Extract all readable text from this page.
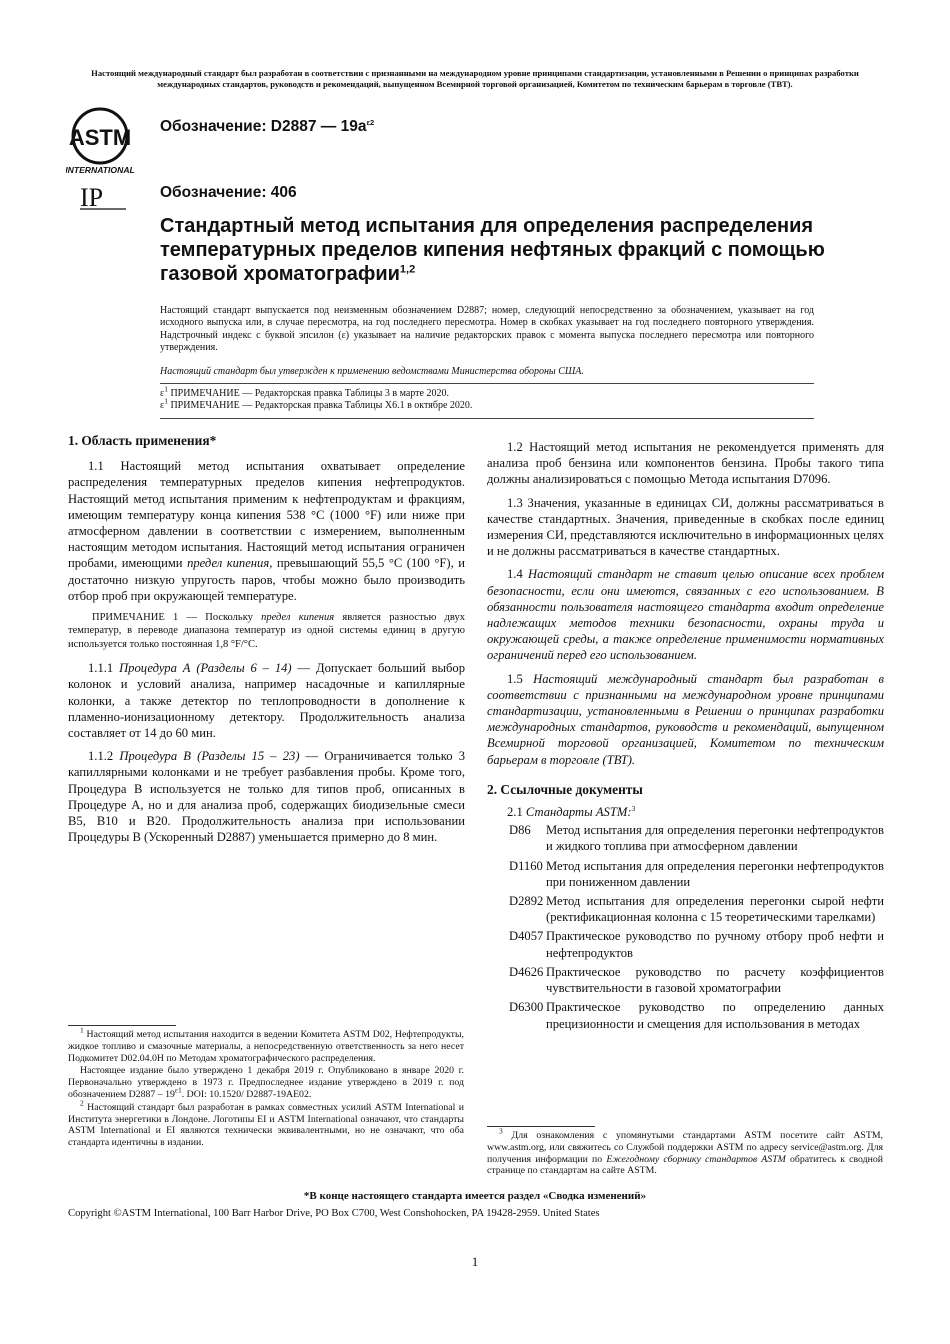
Настоящий международный стандарт был разработан в соответствии с признанными на международном уровне принципами стандартизации, установленными в Решении о принципах разработки международных стандартов, руководств и рекомендаций, выпущенном Всемирной торговой организацией, Комитетом по техническим барьерам в торговле (ТВТ).
ASTM
INTERNATIONAL
IP
Обозначение: D2887 — $19a^{\varepsilon 2}$
Обозначение: 406
Стандартный метод испытания для определения распределения температурных пределов кипения нефтяных фракций с помощью газовой хроматографии$^{1,2}$
Настоящий стандарт выпускается под неизменным обозначением D2887; номер, следующий непосредственно за обозначением, указывает на год исходного выпуска или, в случае пересмотра, на год последнего пересмотра. Номер в скобках указывает на год последнего повторного утверждения. Надстрочный индекс с буквой эпсилон (ε) указывает на наличие редакторских правок с момента выпуска последнего пересмотра или повторного утверждения.
Настоящий стандарт был утвержден к применению ведомствами Министерства обороны США.
$\varepsilon^1$ ПРИМЕЧАНИЕ — Редакторская правка Таблицы 3 в марте 2020.
$\varepsilon^1$ ПРИМЕЧАНИЕ — Редакторская правка Таблицы X6.1 в октябре 2020.
1. Область применения*

1.1 Настоящий метод испытания охватывает определение распределения температурных пределов кипения нефтепродуктов. Настоящий метод испытания применим к нефтепродуктам и фракциям, имеющим температуру конца кипения 538 °C (1000 °F) или ниже при атмосферном давлении в соответствии с измерением, выполненным настоящим методом испытания. Настоящий метод испытания ограничен пробами, имеющими предел кипения, превышающий 55,5 °C (100 °F), и достаточно низкую упругость паров, чтобы можно было производить отбор проб при окружающей температуре.

ПРИМЕЧАНИЕ 1 — Поскольку предел кипения является разностью двух температур, в переводе диапазона температур из одной системы единиц в другую используется только постоянная 1,8 °F/°C.

1.1.1 Процедура А (Разделы 6 – 14) — Допускает больший выбор колонок и условий анализа, например насадочные и капиллярные колонки, а также детектор по теплопроводности в дополнение к пламенно-ионизационному детектору. Продолжительность анализа составляет от 14 до 60 мин.

1.1.2 Процедура В (Разделы 15 – 23) — Ограничивается только 3 капиллярными колонками и не требует разбавления пробы. Кроме того, Процедура В используется не только для типов проб, описанных в Процедуре А, но и для анализа проб, содержащих биодизельные смеси В5, В10 и В20. Продолжительность анализа при использовании Процедуры В (Ускоренный D2887) уменьшается примерно до 8 мин.

$^1$ Настоящий метод испытания находится в ведении Комитета ASTM D02, Нефтепродукты, жидкое топливо и смазочные материалы, а непосредственную ответственность за него несет Подкомитет D02.04.0H по Методам хроматографического распределения.

Настоящее издание было утверждено 1 декабря 2019 г. Опубликовано в январе 2020 г. Первоначально утверждено в 1973 г. Предпоследнее издание утверждено в 2019 г. под обозначением $D2887 - 19^{\varepsilon 1}$. DOI: 10.1520/ D2887-19AE02.

$^2$ Настоящий стандарт был разработан в рамках совместных усилий ASTM International и Института энергетики в Лондоне. Логотипы EI и ASTM International означают, что стандарты ASTM International и EI являются технически эквивалентными, но не означают, что оба стандарта идентичны в издании.

1.2 Настоящий метод испытания не рекомендуется применять для анализа проб бензина или компонентов бензина. Пробы такого типа должны анализироваться с помощью Метода испытания D7096.

1.3 Значения, указанные в единицах СИ, должны рассматриваться в качестве стандартных. Значения, приведенные в скобках после единиц измерения СИ, представляются исключительно в информационных целях и не должны рассматриваться в качестве стандартных.

1.4 Настоящий стандарт не ставит целью описание всех проблем безопасности, если они имеются, связанных с его использованием. В обязанности пользователя настоящего стандарта входит определение надлежащих методов техники безопасности, охраны труда и окружающей среды, а также определение применимости нормативных ограничений перед его использованием.

1.5 Настоящий международный стандарт был разработан в соответствии с признанными на международном уровне принципами стандартизации, установленными в Решении о принципах разработки международных стандартов, руководств и рекомендаций, выпущенном Всемирной торговой организацией, Комитетом по техническим барьерам в торговле (ТВТ).

2. Ссылочные документы
2.1 Стандарты ASTM:$^3$
D86	Метод испытания для определения перегонки нефтепродуктов и жидкого топлива при атмосферном давлении
D1160 Метод испытания для определения перегонки нефтепродуктов при пониженном давлении
D2892 Метод испытания для определения перегонки сырой нефти (ректификационная колонна с 15 теоретическими тарелками)
D4057 Практическое руководство по ручному отбору проб нефти и нефтепродуктов
D4626 Практическое руководство по расчету коэффициентов чувствительности в газовой хроматографии
D6300 Практическое руководство по определению данных прецизионности и смещения для использования в методах

$^3$ Для ознакомления с упомянутыми стандартами ASTM посетите сайт ASTM, www.astm.org, или свяжитесь со Службой поддержки ASTM по адресу service@astm.org. Для получения информации по Ежегодному сборнику стандартов ASTM обратитесь к сводной странице по стандартам на сайте ASTM.

*В конце настоящего стандарта имеется раздел «Сводка изменений»
Copyright ©ASTM International, 100 Barr Harbor Drive, PO Box C700, West Conshohocken, PA 19428-2959. United States
1
